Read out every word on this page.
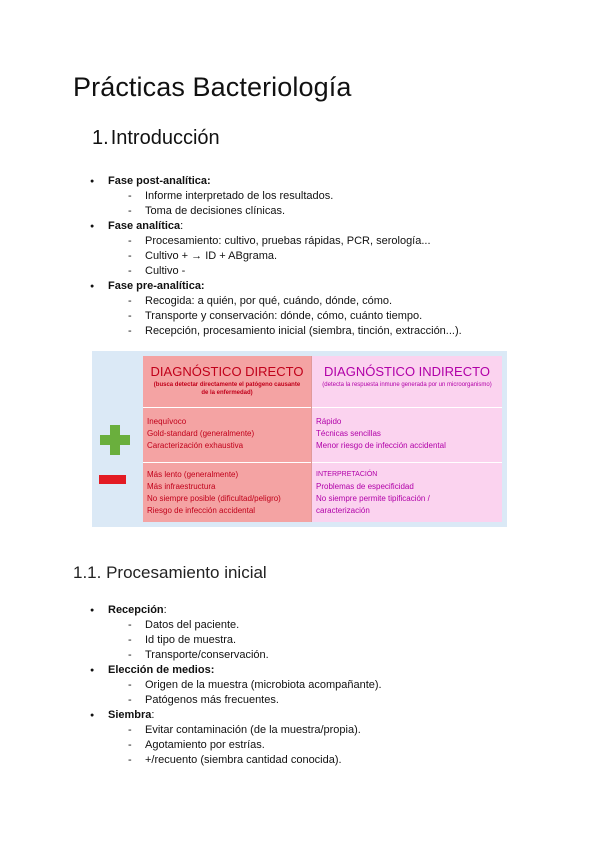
Prácticas Bacteriología
1. Introducción
● Fase post-analítica:
- Informe interpretado de los resultados.
- Toma de decisiones clínicas.
● Fase analítica:
- Procesamiento: cultivo, pruebas rápidas, PCR, serología...
- Cultivo + → ID + ABgrama.
- Cultivo -
● Fase pre-analítica:
- Recogida: a quién, por qué, cuándo, dónde, cómo.
- Transporte y conservación: dónde, cómo, cuánto tiempo.
- Recepción, procesamiento inicial (siembra, tinción, extracción...).
DIAGNÓSTICO DIRECTO
(busca detectar directamente el patógeno causante de la enfermedad)
Inequívoco
Gold-standard (generalmente)
Caracterización exhaustiva
Más lento (generalmente)
Más infraestructura
No siempre posible (dificultad/peligro)
Riesgo de infección accidental
DIAGNÓSTICO INDIRECTO
(detecta la respuesta inmune generada por un microorganismo)
Rápido
Técnicas sencillas
Menor riesgo de infección accidental
INTERPRETACIÓN
Problemas de especificidad
No siempre permite tipificación /
caracterización
1.1. Procesamiento inicial
● Recepción:
- Datos del paciente.
- Id tipo de muestra.
- Transporte/conservación.
● Elección de medios:
- Origen de la muestra (microbiota acompañante).
- Patógenos más frecuentes.
● Siembra:
- Evitar contaminación (de la muestra/propia).
- Agotamiento por estrías.
- +/recuento (siembra cantidad conocida).
